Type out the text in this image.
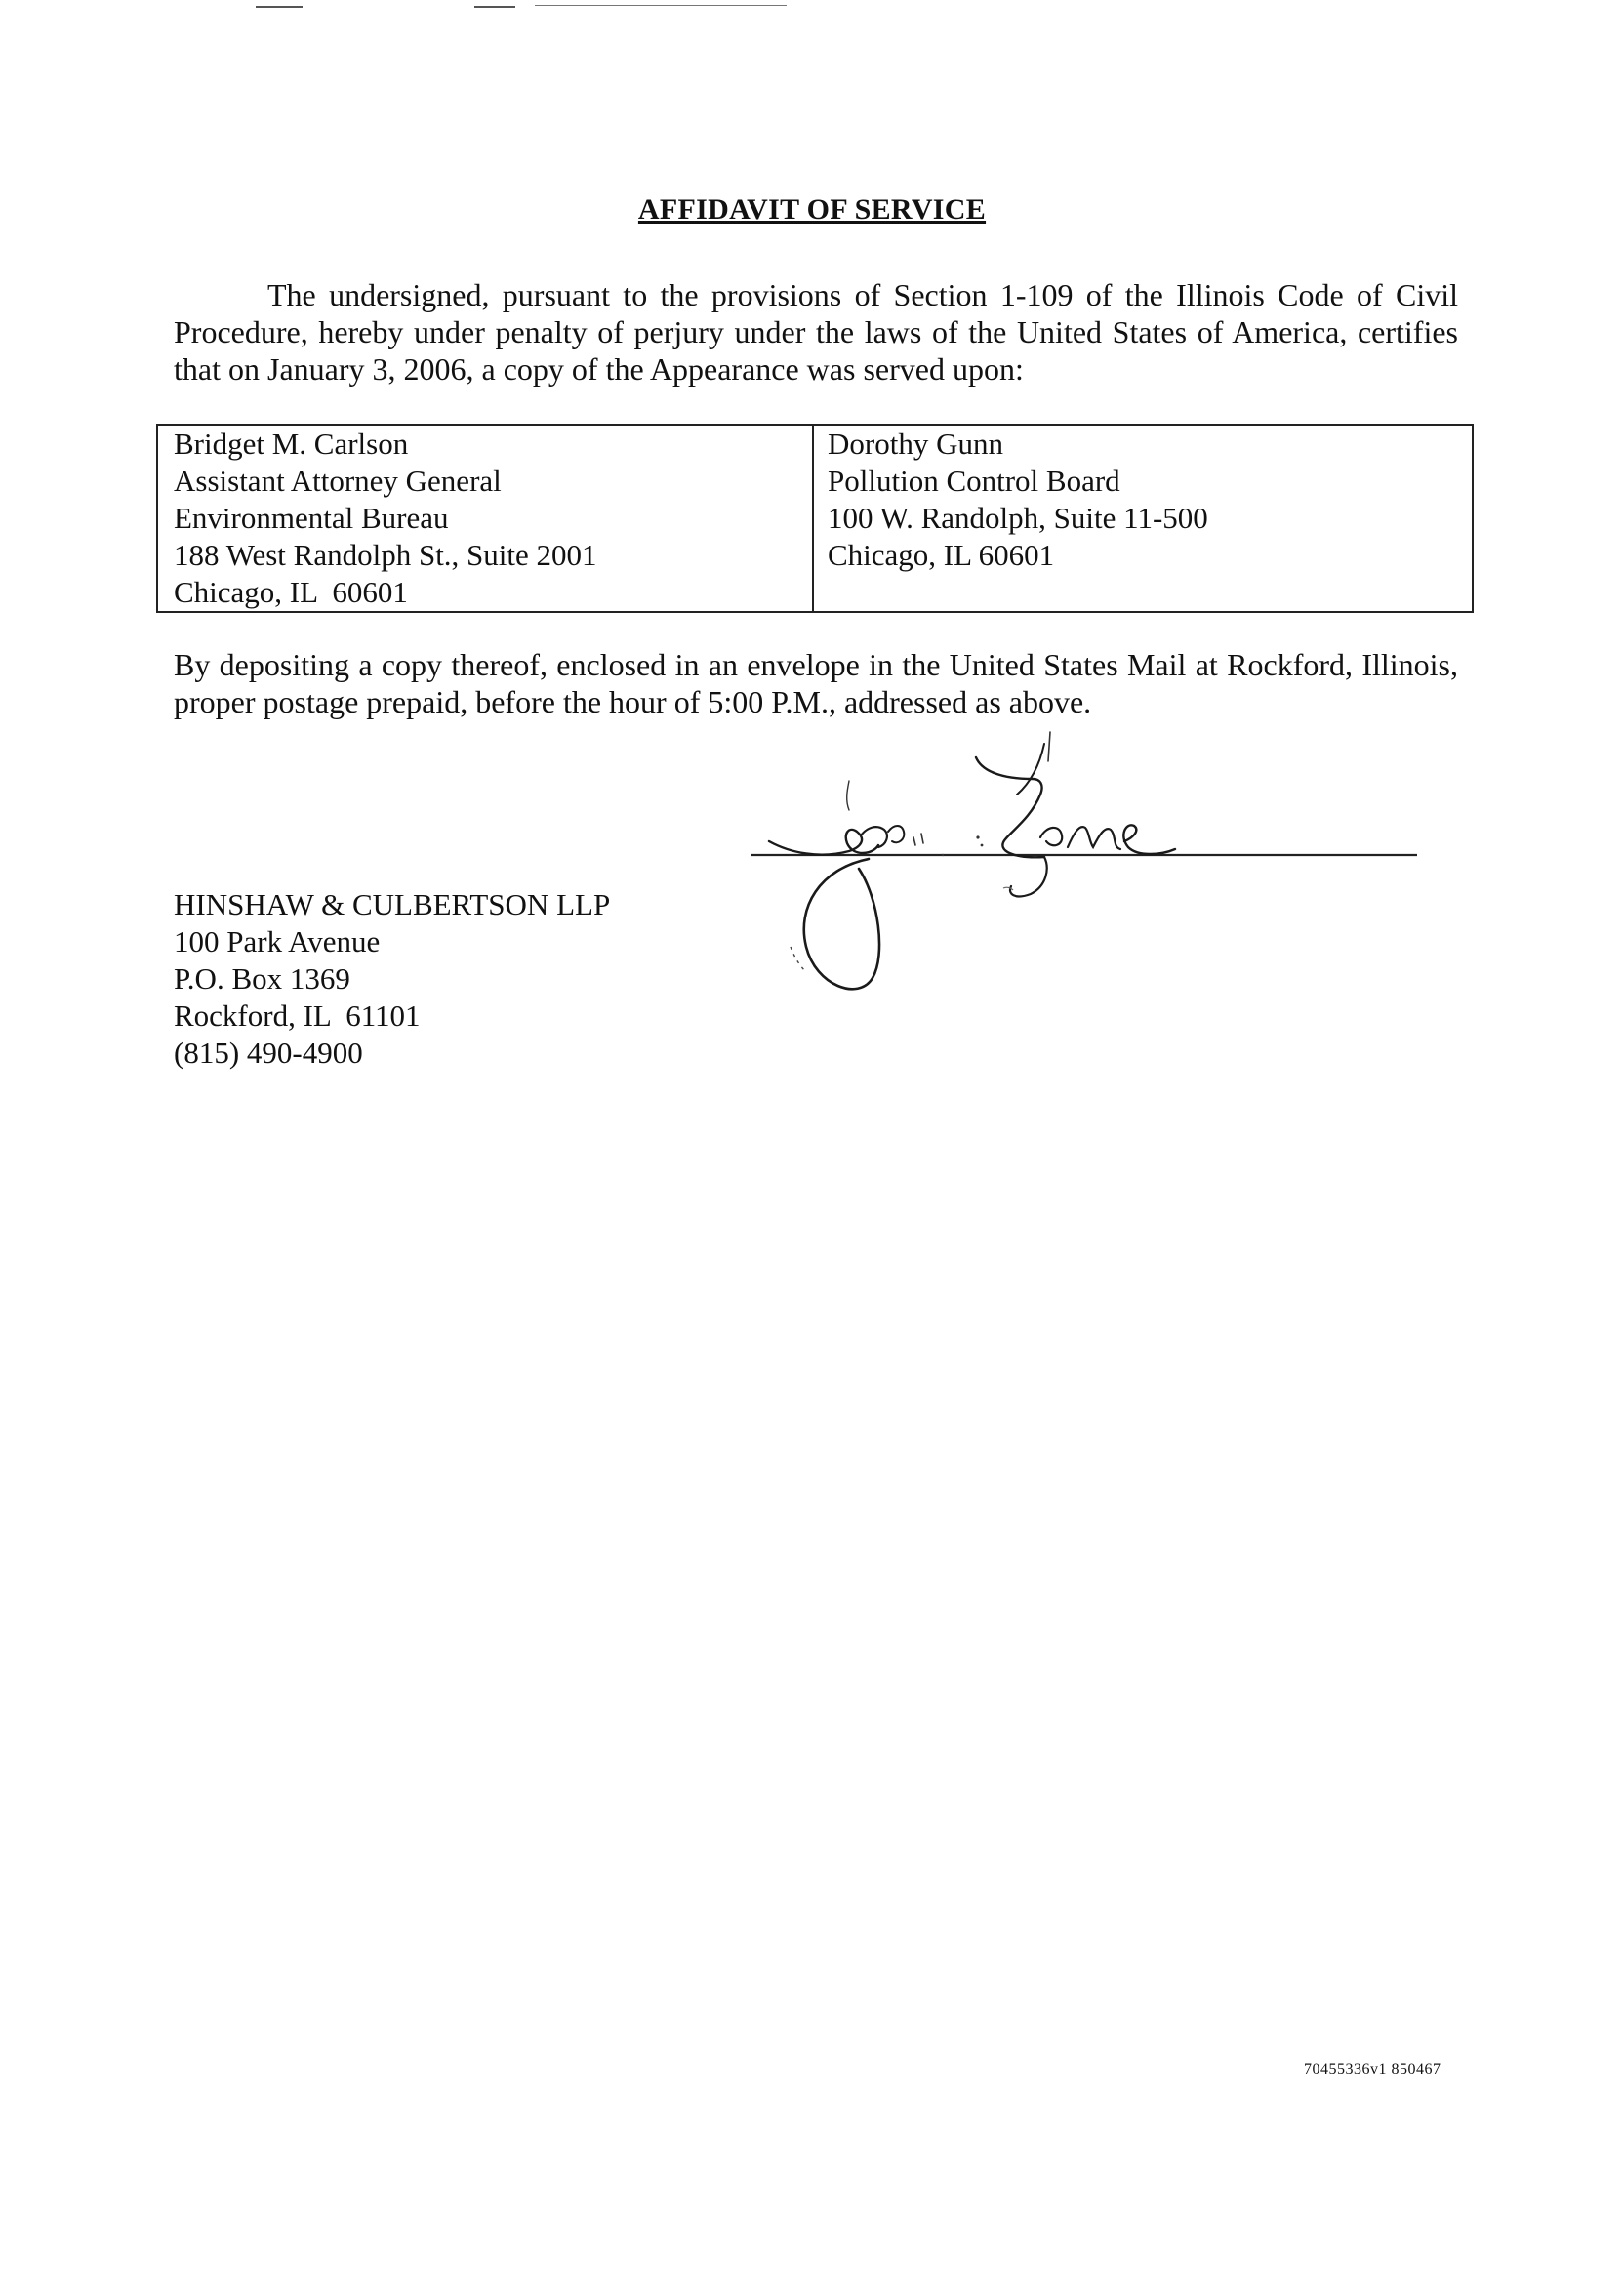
AFFIDAVIT OF SERVICE

The undersigned, pursuant to the provisions of Section 1-109 of the Illinois Code of Civil Procedure, hereby under penalty of perjury under the laws of the United States of America, certifies that on January 3, 2006, a copy of the Appearance was served upon:

Bridget M. Carlson
Assistant Attorney General
Environmental Bureau
188 West Randolph St., Suite 2001
Chicago, IL  60601
Dorothy Gunn
Pollution Control Board
100 W. Randolph, Suite 11-500
Chicago, IL 60601

By depositing a copy thereof, enclosed in an envelope in the United States Mail at Rockford, Illinois, proper postage prepaid, before the hour of 5:00 P.M., addressed as above.

HINSHAW & CULBERTSON LLP
100 Park Avenue
P.O. Box 1369
Rockford, IL  61101
(815) 490-4900
70455336v1 850467
